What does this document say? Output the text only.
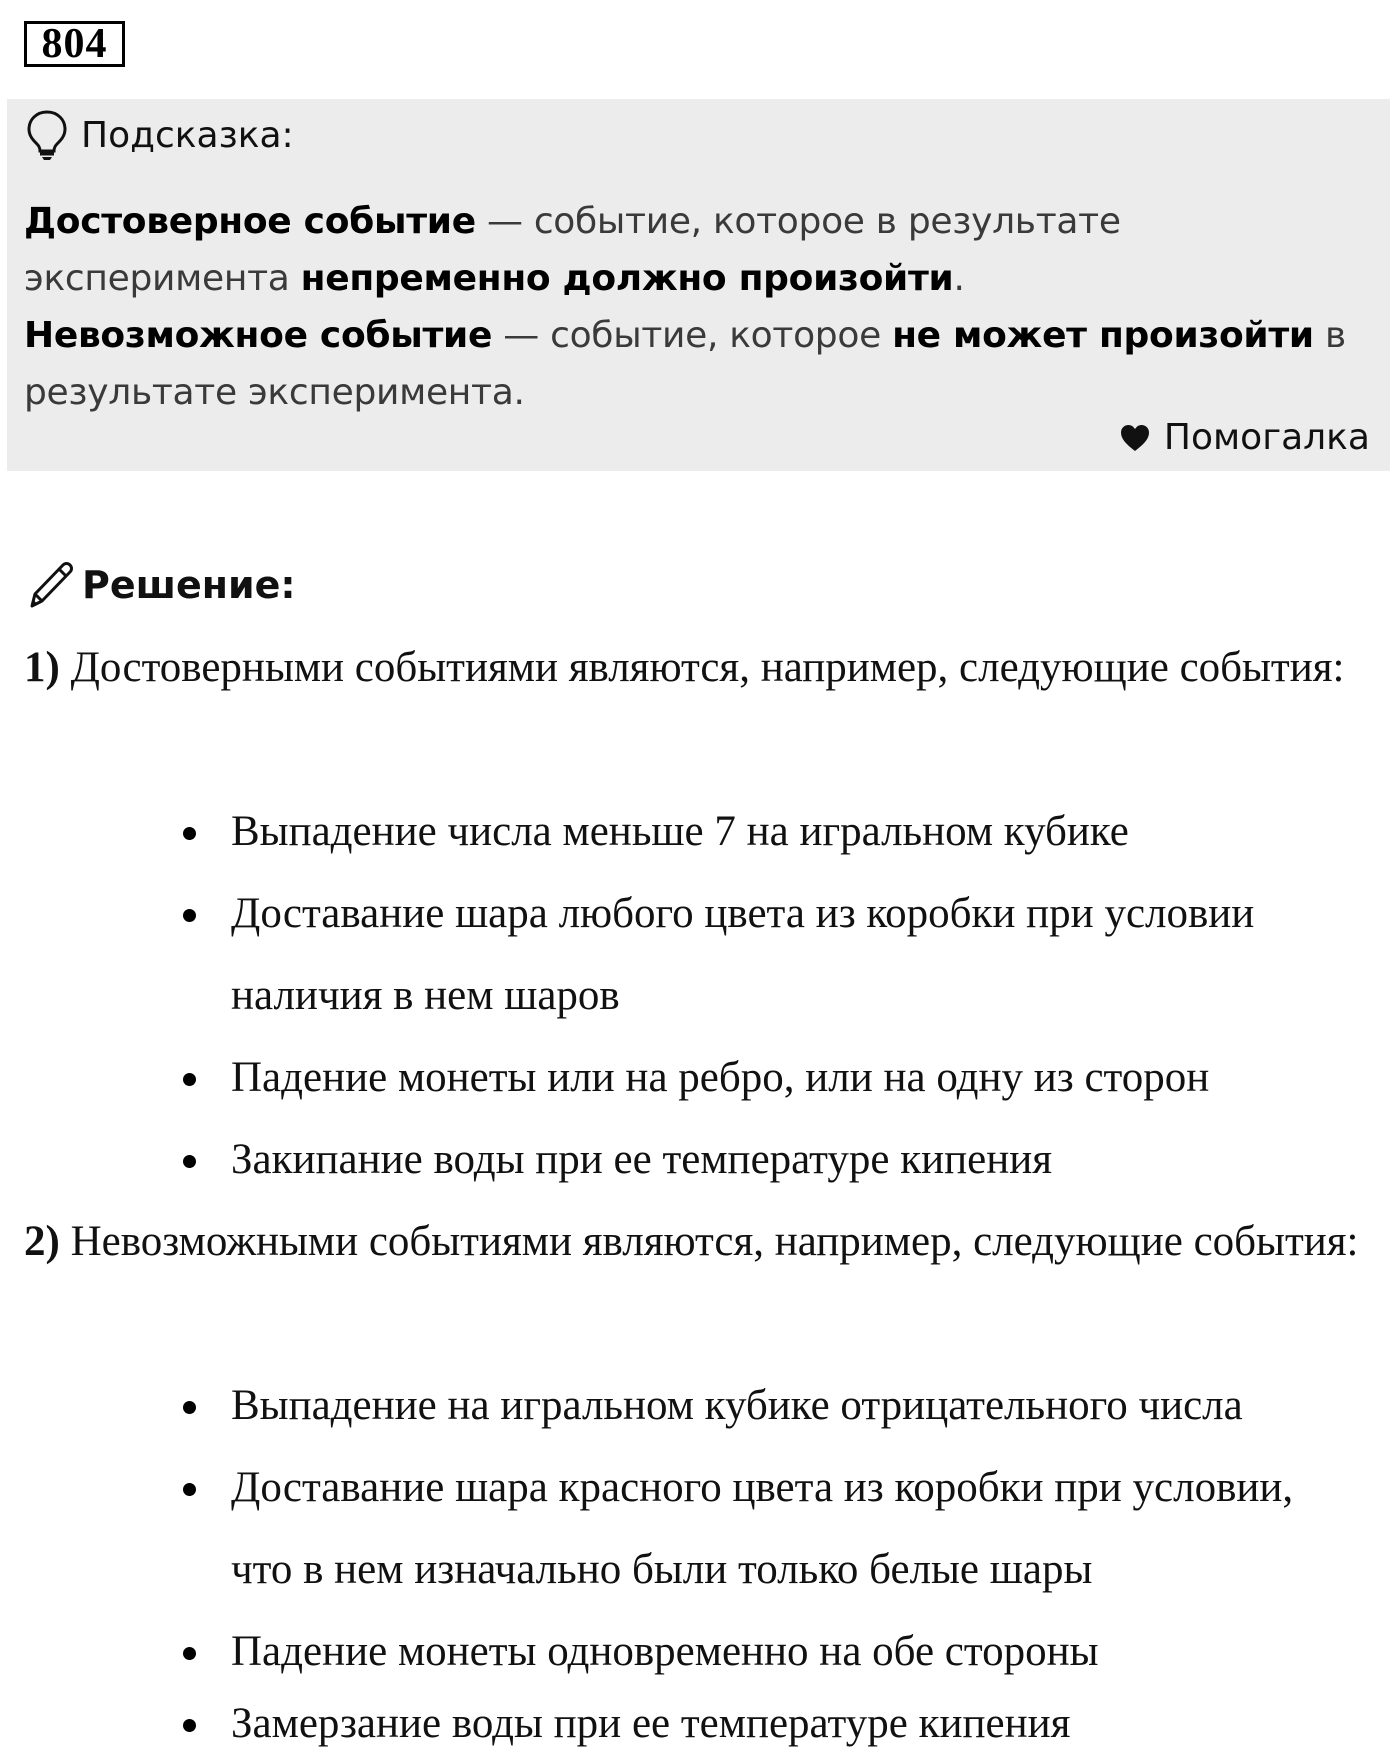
804
Подсказка:
Достоверное событие — событие, которое в результате эксперимента непременно должно произойти.
Невозможное событие — событие, которое не может произойти в результате эксперимента.
Помогалка
Решение:
1) Достоверными событиями являются, например, следующие события:
Выпадение числа меньше 7 на игральном кубике
Доставание шара любого цвета из коробки при условии наличия в нем шаров
Падение монеты или на ребро, или на одну из сторон
Закипание воды при ее температуре кипения
2) Невозможными событиями являются, например, следующие события:
Выпадение на игральном кубике отрицательного числа
Доставание шара красного цвета из коробки при условии, что в нем изначально были только белые шары
Падение монеты одновременно на обе стороны
Замерзание воды при ее температуре кипения
